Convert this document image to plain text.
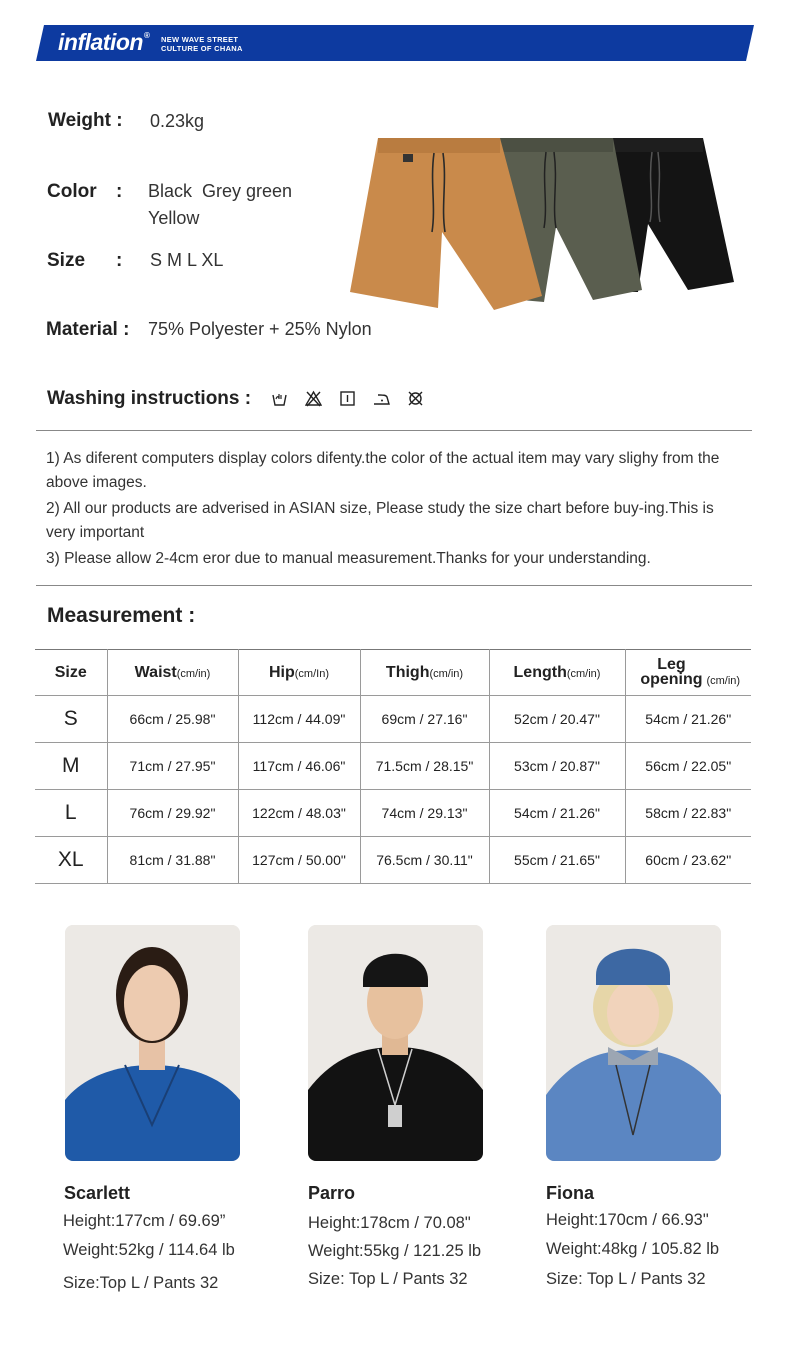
inflation® NEW WAVE STREET
CULTURE OF CHANA
Weight : 0.23kg
Color : Black  Grey green
Yellow
Size : S M L XL
Material : 75% Polyester + 25% Nylon
Washing instructions :

1) As diferent computers display colors difenty.the color of the actual item may vary slighy from the above images.

2) All our products are adverised in ASIAN size, Please study the size chart before buy-ing.This is very important

3) Please allow 2-4cm eror due to manual measurement.Thanks for your understanding.

Measurement :
Size	Waist(cm/in)	Hip(cm/In)	Thigh(cm/in)	Length(cm/in)	Leg opening (cm/in)
S	66cm / 25.98"	112cm / 44.09"	69cm / 27.16"	52cm / 20.47"	54cm / 21.26"
M	71cm / 27.95"	117cm / 46.06"	71.5cm / 28.15"	53cm / 20.87"	56cm / 22.05"
L	76cm / 29.92"	122cm / 48.03"	74cm / 29.13"	54cm / 21.26"	58cm / 22.83"
XL	81cm / 31.88"	127cm / 50.00"	76.5cm / 30.11"	55cm / 21.65"	60cm / 23.62"
Scarlett
Height:177cm / 69.69”
Weight:52kg / 114.64 lb
Size:Top L / Pants 32
Parro
Height:178cm / 70.08"
Weight:55kg / 121.25 lb
Size: Top L / Pants 32
Fiona
Height:170cm / 66.93"
Weight:48kg / 105.82 lb
Size: Top L / Pants 32
